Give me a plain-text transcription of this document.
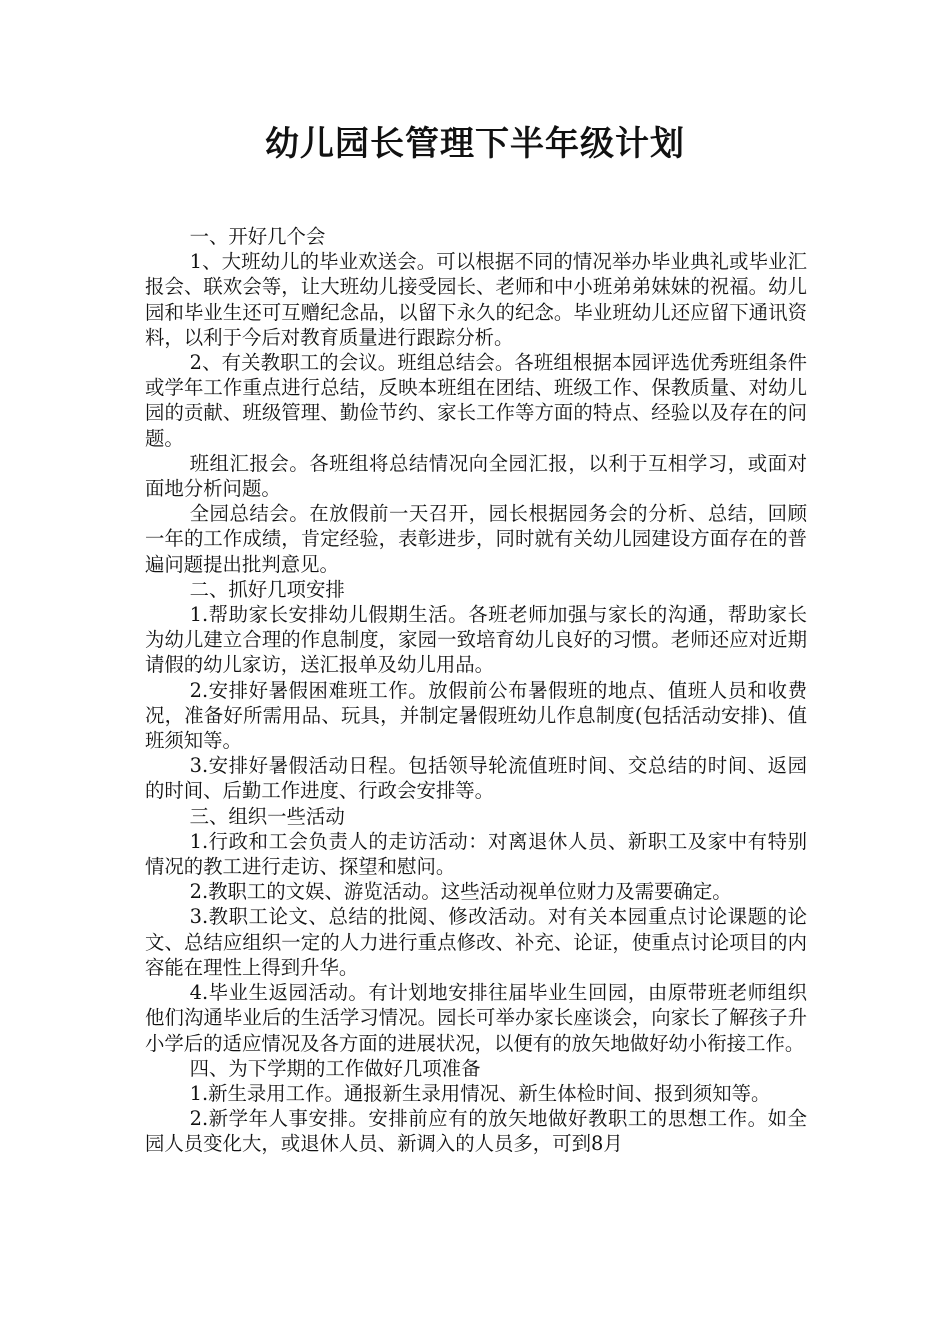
幼儿园长管理下半年级计划

一、开好几个会

1、大班幼儿的毕业欢送会。可以根据不同的情况举办毕业典礼或毕业汇报会、联欢会等，让大班幼儿接受园长、老师和中小班弟弟妹妹的祝福。幼儿园和毕业生还可互赠纪念品，以留下永久的纪念。毕业班幼儿还应留下通讯资料，以利于今后对教育质量进行跟踪分析。

2、有关教职工的会议。班组总结会。各班组根据本园评选优秀班组条件或学年工作重点进行总结，反映本班组在团结、班级工作、保教质量、对幼儿园的贡献、班级管理、勤俭节约、家长工作等方面的特点、经验以及存在的问题。

班组汇报会。各班组将总结情况向全园汇报，以利于互相学习，或面对面地分析问题。

全园总结会。在放假前一天召开，园长根据园务会的分析、总结，回顾一年的工作成绩，肯定经验，表彰进步，同时就有关幼儿园建设方面存在的普遍问题提出批判意见。

二、抓好几项安排

1.帮助家长安排幼儿假期生活。各班老师加强与家长的沟通，帮助家长为幼儿建立合理的作息制度，家园一致培育幼儿良好的习惯。老师还应对近期请假的幼儿家访，送汇报单及幼儿用品。

2.安排好暑假困难班工作。放假前公布暑假班的地点、值班人员和收费况，准备好所需用品、玩具，并制定暑假班幼儿作息制度(包括活动安排)、值班须知等。

3.安排好暑假活动日程。包括领导轮流值班时间、交总结的时间、返园的时间、后勤工作进度、行政会安排等。

三、组织一些活动

1.行政和工会负责人的走访活动：对离退休人员、新职工及家中有特别情况的教工进行走访、探望和慰问。

2.教职工的文娱、游览活动。这些活动视单位财力及需要确定。

3.教职工论文、总结的批阅、修改活动。对有关本园重点讨论课题的论文、总结应组织一定的人力进行重点修改、补充、论证，使重点讨论项目的内容能在理性上得到升华。

4.毕业生返园活动。有计划地安排往届毕业生回园，由原带班老师组织他们沟通毕业后的生活学习情况。园长可举办家长座谈会，向家长了解孩子升小学后的适应情况及各方面的进展状况，以便有的放矢地做好幼小衔接工作。

四、为下学期的工作做好几项准备

1.新生录用工作。通报新生录用情况、新生体检时间、报到须知等。

2.新学年人事安排。安排前应有的放矢地做好教职工的思想工作。如全园人员变化大，或退休人员、新调入的人员多，可到8月
